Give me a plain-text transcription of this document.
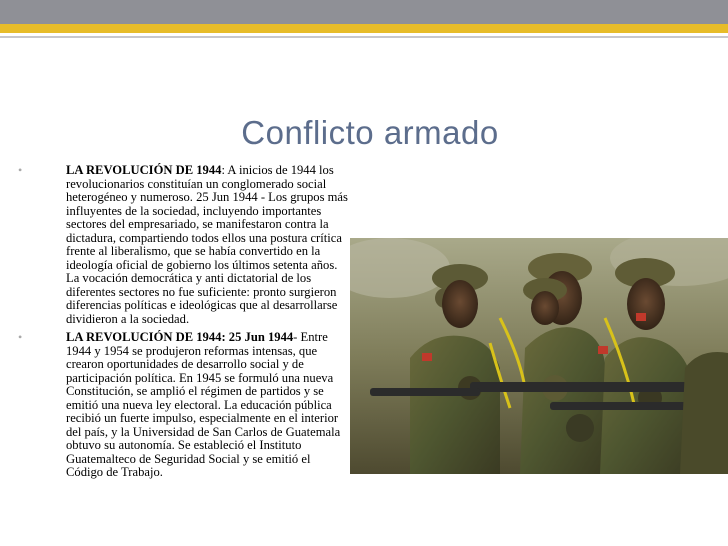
Conflicto armado

•	LA REVOLUCIÓN DE 1944: A inicios de 1944 los revolucionarios constituían un conglomerado social heterogéneo y numeroso. 25 Jun 1944 - Los grupos más influyentes de la sociedad, incluyendo importantes sectores del empresariado, se manifestaron contra la dictadura, compartiendo todos ellos una postura crítica frente al liberalismo, que se había convertido en la ideología oficial de gobierno los últimos setenta años. La vocación democrática y anti dictatorial de los diferentes sectores no fue suficiente: pronto surgieron diferencias políticas e ideológicas que al desarrollarse dividieron a la sociedad.

•	LA REVOLUCIÓN DE 1944: 25 Jun 1944- Entre 1944 y 1954 se produjeron reformas intensas, que crearon oportunidades de desarrollo social y de participación política. En 1945 se formuló una nueva Constitución, se amplió el régimen de partidos y se emitió una nueva ley electoral. La educación pública recibió un fuerte impulso, especialmente en el interior del país, y la Universidad de San Carlos de Guatemala obtuvo su autonomía. Se estableció el Instituto Guatemalteco de Seguridad Social y se emitió el Código de Trabajo.
